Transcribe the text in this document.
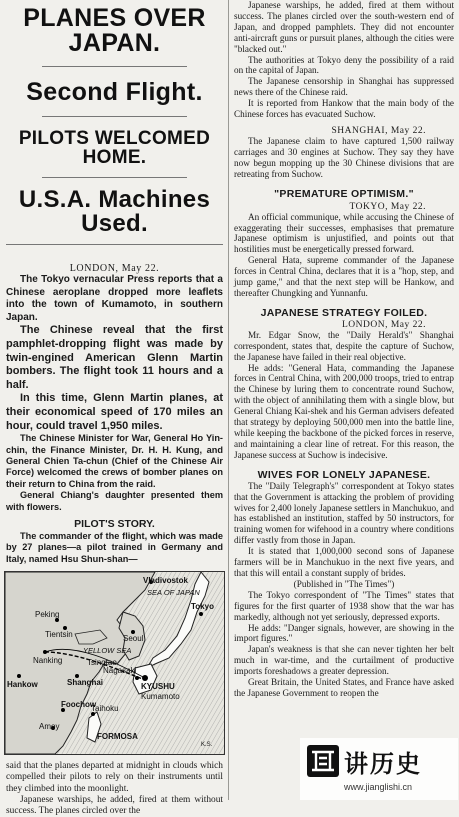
PLANES OVER JAPAN.
Second Flight.
PILOTS WELCOMED HOME.
U.S.A. Machines Used.
LONDON, May 22.

The Tokyo vernacular Press reports that a Chinese aeroplane dropped more leaflets into the town of Kumamoto, in southern Japan.

The Chinese reveal that the first pamphlet-dropping flight was made by twin-engined American Glenn Martin bombers. The flight took 11 hours and a half.

In this time, Glenn Martin planes, at their economical speed of 170 miles an hour, could travel 1,950 miles.

The Chinese Minister for War, General Ho Yin-chin, the Finance Minister, Dr. H. H. Kung, and General Chien Ta-chun (Chief of the Chinese Air Force) welcomed the crews of bomber planes on their return to China from the raid.

General Chiang's daughter presented them with flowers.

PILOT'S STORY.

The commander of the flight, which was made by 27 planes—a pilot trained in Germany and Italy, named Hsu Shun-shan—

Vladivostok
SEA OF JAPAN
Tokyo
Peking
Tientsin
YELLOW SEA
Tsingtao
Hankow
Nanking
Seoul
Nagasaki
Shanghai	KYUSHU
Kumamoto
Foochow
Taihoku
Amoy
FORMOSA
K.S.

said that the planes departed at midnight in clouds which compelled their pilots to rely on their instruments until they climbed into the moonlight.

Japanese warships, he added, fired at them without success. The planes circled over the

Japanese warships, he added, fired at them without success. The planes circled over the south-western end of Japan, and dropped pamphlets. They did not encounter anti-aircraft guns or pursuit planes, although the cities were "blacked out."

The authorities at Tokyo deny the possibility of a raid on the capital of Japan.

The Japanese censorship in Shanghai has suppressed news there of the Chinese raid.

It is reported from Hankow that the main body of the Chinese forces has evacuated Suchow.

SHANGHAI, May 22.

The Japanese claim to have captured 1,500 railway carriages and 30 engines at Suchow. They say they have now begun mopping up the 30 Chinese divisions that are retreating from Suchow.

"PREMATURE OPTIMISM."
TOKYO, May 22.

An official communique, while accusing the Chinese of exaggerating their successes, emphasises that premature Japanese optimism is unjustified, and points out that hostilities must be energetically pressed forward.

General Hata, supreme commander of the Japanese forces in Central China, declares that it is a "hop, step, and jump game," and that the next step will be Hankow, and thereafter Chungking and Yunnanfu.

JAPANESE STRATEGY FOILED.
LONDON, May 22.

Mr. Edgar Snow, the "Daily Herald's" Shanghai correspondent, states that, despite the capture of Suchow, the Japanese have failed in their real objective.

He adds: "General Hata, commanding the Japanese forces in Central China, with 200,000 troops, tried to entrap the Chinese by luring them to concentrate round Suchow, with the object of annihilating them with a single blow, but General Chiang Kai-shek and his German advisers defeated that strategy by deploying 500,000 men into the battle line, while keeping the backbone of the picked forces in reserve, and maintaining a clear line of retreat. For this reason, the Japanese success at Suchow is indecisive.

WIVES FOR LONELY JAPANESE.

The "Daily Telegraph's" correspondent at Tokyo states that the Government is attacking the problem of providing wives for 2,400 lonely Japanese settlers in Manchukuo, and has established an institution, staffed by 50 instructors, for training women for wifehood in a country where conditions differ vastly from those in Japan.

It is stated that 1,000,000 second sons of Japanese farmers will be in Manchukuo in the next five years, and that this will entail a constant supply of brides.

(Published in "The Times")

The Tokyo correspondent of "The Times" states that figures for the first quarter of 1938 show that the war has markedly, although not yet seriously, depressed exports.

He adds: "Danger signals, however, are showing in the import figures."

Japan's weakness is that she can never tighten her belt much in war-time, and the curtailment of productive imports foreshadows a greater depression.

Great Britain, the United States, and France have asked the Japanese Government to reopen the

讲历史
www.jianglishi.cn
